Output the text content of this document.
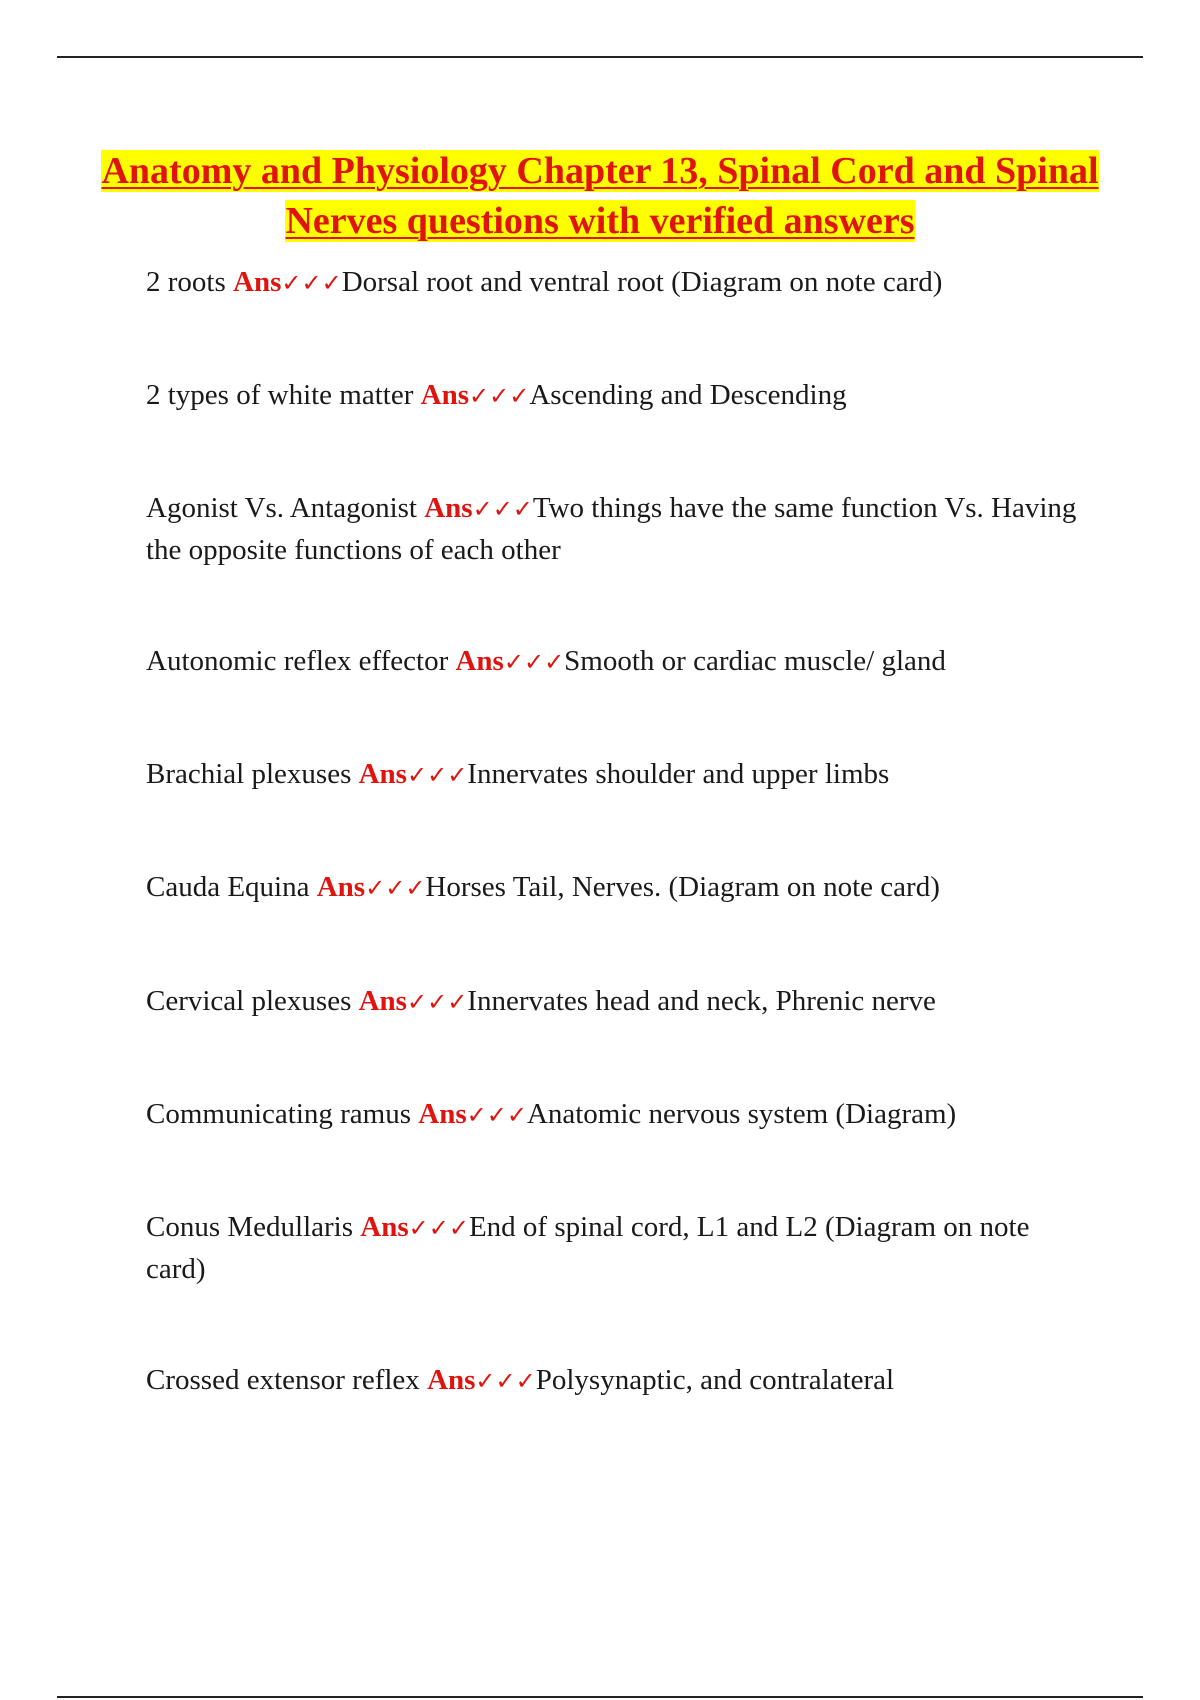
Anatomy and Physiology Chapter 13, Spinal Cord and Spinal Nerves questions with verified answers

2 roots Ans✓✓✓Dorsal root and ventral root (Diagram on note card)

2 types of white matter Ans✓✓✓Ascending and Descending

Agonist Vs. Antagonist Ans✓✓✓Two things have the same function Vs. Having the opposite functions of each other

Autonomic reflex effector Ans✓✓✓Smooth or cardiac muscle/ gland

Brachial plexuses Ans✓✓✓Innervates shoulder and upper limbs

Cauda Equina Ans✓✓✓Horses Tail, Nerves. (Diagram on note card)

Cervical plexuses Ans✓✓✓Innervates head and neck, Phrenic nerve

Communicating ramus Ans✓✓✓Anatomic nervous system (Diagram)

Conus Medullaris Ans✓✓✓End of spinal cord, L1 and L2 (Diagram on note card)

Crossed extensor reflex Ans✓✓✓Polysynaptic, and contralateral
